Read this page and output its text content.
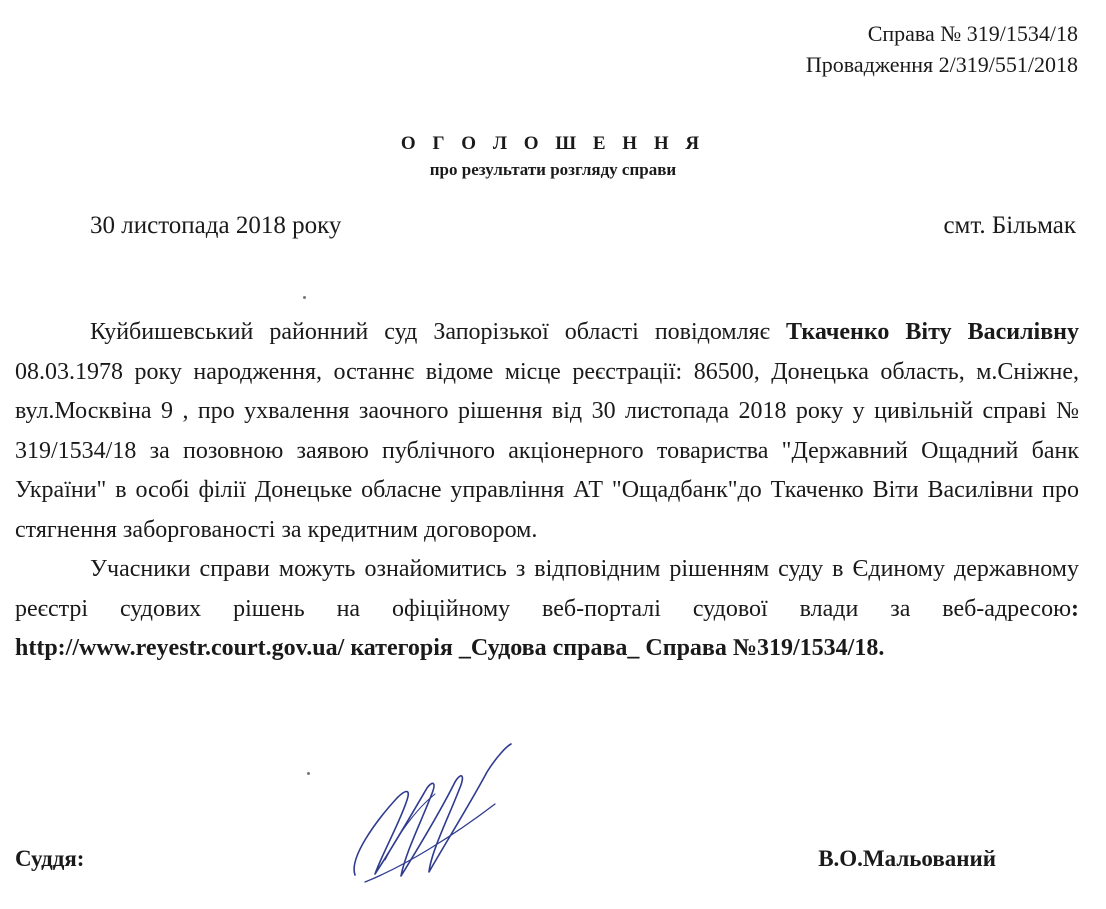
Справа № 319/1534/18
Провадження 2/319/551/2018
О Г О Л О Ш Е Н Н Я
про результати розгляду справи
30 листопада 2018 року	смт. Більмак

Куйбишевський районний суд Запорізької області повідомляє Ткаченко Віту Василівну 08.03.1978 року народження, останнє відоме місце реєстрації: 86500, Донецька область, м.Сніжне, вул.Москвіна 9 , про ухвалення заочного рішення від 30 листопада 2018 року у цивільній справі № 319/1534/18 за позовною заявою публічного акціонерного товариства "Державний Ощадний банк України" в особі філії Донецьке обласне управління АТ "Ощадбанк"до Ткаченко Віти Василівни про стягнення заборгованості за кредитним договором.

Учасники справи можуть ознайомитись з відповідним рішенням суду в Єдиному державному реєстрі судових рішень на офіційному веб-порталі судової влади за веб-адресою: http://www.reyestr.court.gov.ua/ категорія _Судова справа_ Справа №319/1534/18.

Суддя:	В.О.Мальований
